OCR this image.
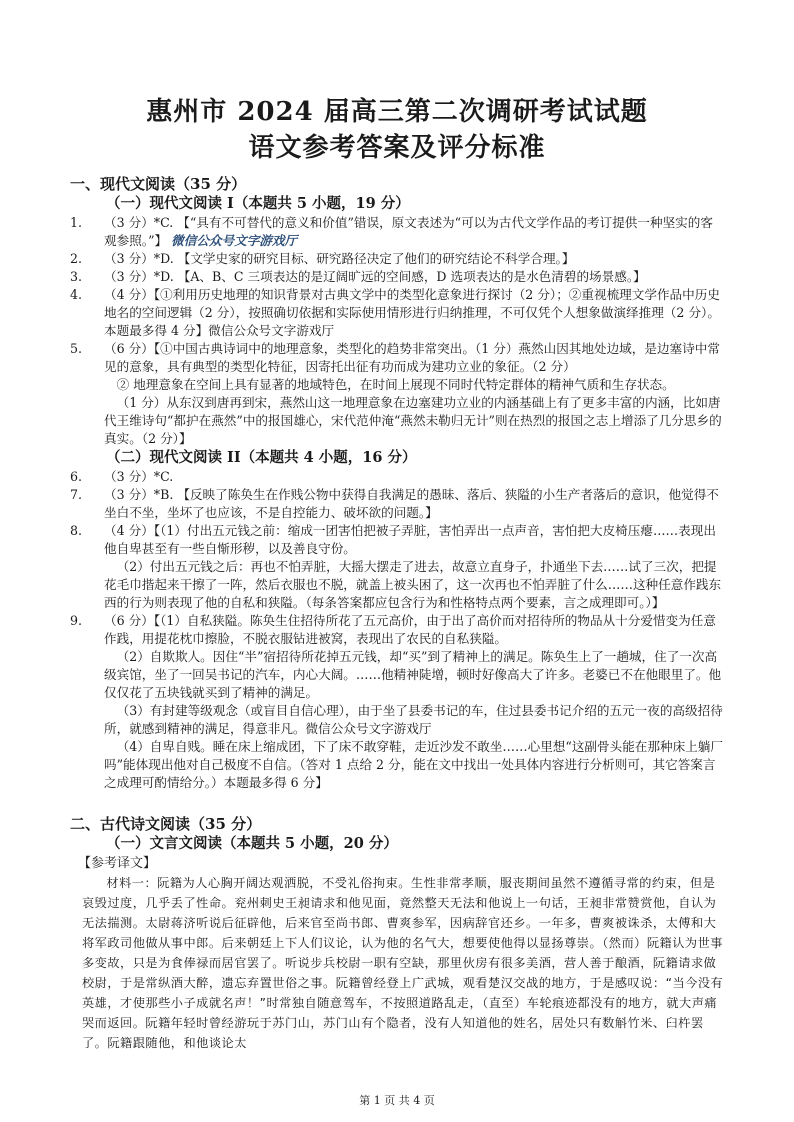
惠州市 2024 届高三第二次调研考试试题
语文参考答案及评分标准
一、现代文阅读（35 分）
（一）现代文阅读 I（本题共 5 小题，19 分）
1.	（3 分）*C. 【“具有不可替代的意义和价值”错误，原文表述为“可以为古代文学作品的考订提供一种坚实的客观参照。”】 微信公众号文字游戏厅
2.	（3 分）*D. 【文学史家的研究目标、研究路径决定了他们的研究结论不科学合理。】
3.	（3 分）*D. 【A、B、C 三项表达的是辽阔旷远的空间感，D 选项表达的是水色清碧的场景感。】
4.	（4 分）【①利用历史地理的知识背景对古典文学中的类型化意象进行探讨（2 分）；②重视梳理文学作品中历史地名的空间逻辑（2 分），按照确切依据和实际使用情形进行归纳推理，不可仅凭个人想象做演绎推理（2 分）。本题最多得 4 分】微信公众号文字游戏厅
5.	（6 分）【①中国古典诗词中的地理意象，类型化的趋势非常突出。（1 分）燕然山因其地处边域，是边塞诗中常见的意象，具有典型的类型化特征，因寄托出征有功而成为建功立业的象征。（2 分）
② 地理意象在空间上具有显著的地域特色，在时间上展现不同时代特定群体的精神气质和生存状态。
（1 分）从东汉到唐再到宋，燕然山这一地理意象在边塞建功立业的内涵基础上有了更多丰富的内涵，比如唐代王维诗句“都护在燕然”中的报国雄心，宋代范仲淹“燕然未勒归无计”则在热烈的报国之志上增添了几分思乡的真实。（2 分）】
（二）现代文阅读 II（本题共 4 小题，16 分）
6.	（3 分）*C.
7.	（3 分）*B. 【反映了陈奂生在作贱公物中获得自我满足的愚昧、落后、狭隘的小生产者落后的意识，他觉得不坐白不坐，坐坏了也应该，不是自控能力、破坏欲的问题。】
8.	（4 分）【（1）付出五元钱之前：缩成一团害怕把被子弄脏，害怕弄出一点声音，害怕把大皮椅压瘪……表现出他自卑甚至有一些自惭形秽，以及善良守份。
（2）付出五元钱之后：再也不怕弄脏，大摇大摆走了进去，故意立直身子，扑通坐下去……试了三次，把提花毛巾揩起来干擦了一阵，然后衣服也不脱，就盖上被头困了，这一次再也不怕弄脏了什么……这种任意作践东西的行为则表现了他的自私和狭隘。（每条答案都应包含行为和性格特点两个要素，言之成理即可。）】
9.	（6 分）【（1）自私狭隘。陈奂生住招待所花了五元高价，由于出了高价而对招待所的物品从十分爱惜变为任意作践，用提花枕巾擦脸，不脱衣服钻进被窝，表现出了农民的自私狭隘。
（2）自欺欺人。因住“半”宿招待所花掉五元钱，却“买”到了精神上的满足。陈奂生上了一趟城，住了一次高级宾馆，坐了一回吴书记的汽车，内心大阔。……他精神陡增，顿时好像高大了许多。老婆已不在他眼里了。他仅仅花了五块钱就买到了精神的满足。
（3）有封建等级观念（或盲目自信心理），由于坐了县委书记的车，住过县委书记介绍的五元一夜的高级招待所，就感到精神的满足，得意非凡。微信公众号文字游戏厅
（4）自卑自贱。睡在床上缩成团，下了床不敢穿鞋，走近沙发不敢坐……心里想“这副骨头能在那种床上躺厂吗”能体现出他对自己极度不自信。（答对 1 点给 2 分，能在文中找出一处具体内容进行分析则可，其它答案言之成理可酌情给分。）本题最多得 6 分】
二、古代诗文阅读（35 分）
（一）文言文阅读（本题共 5 小题，20 分）
【参考译文】
材料一：阮籍为人心胸开阔达观洒脱，不受礼俗拘束。生性非常孝顺，服丧期间虽然不遵循寻常的约束，但是哀毁过度，几乎丢了性命。兖州刺史王昶请求和他见面，竟然整天无法和他说上一句话，王昶非常赞赏他，自认为无法揣测。太尉蒋济听说后征辟他，后来官至尚书郎、曹爽参军，因病辞官还乡。一年多，曹爽被诛杀，太傅和大将军政司他做从事中郎。后来朝廷上下人们议论，认为他的名气大，想要使他得以显扬尊崇。（然而）阮籍认为世事多变故，只是为食俸禄而居官罢了。听说步兵校尉一职有空缺，那里伙房有很多美酒，营人善于酿酒，阮籍请求做校尉，于是常纵酒大醉，遗忘弃置世俗之事。阮籍曾经登上广武城，观看楚汉交战的地方，于是感叹说：“当今没有英雄，才使那些小子成就名声！”时常独自随意驾车，不按照道路乱走，（直至）车轮痕迹都没有的地方，就大声痛哭而返回。阮籍年轻时曾经游玩于苏门山，苏门山有个隐者，没有人知道他的姓名，居处只有数斛竹米、臼杵罢了。阮籍跟随他，和他谈论太
第 1 页 共 4 页
